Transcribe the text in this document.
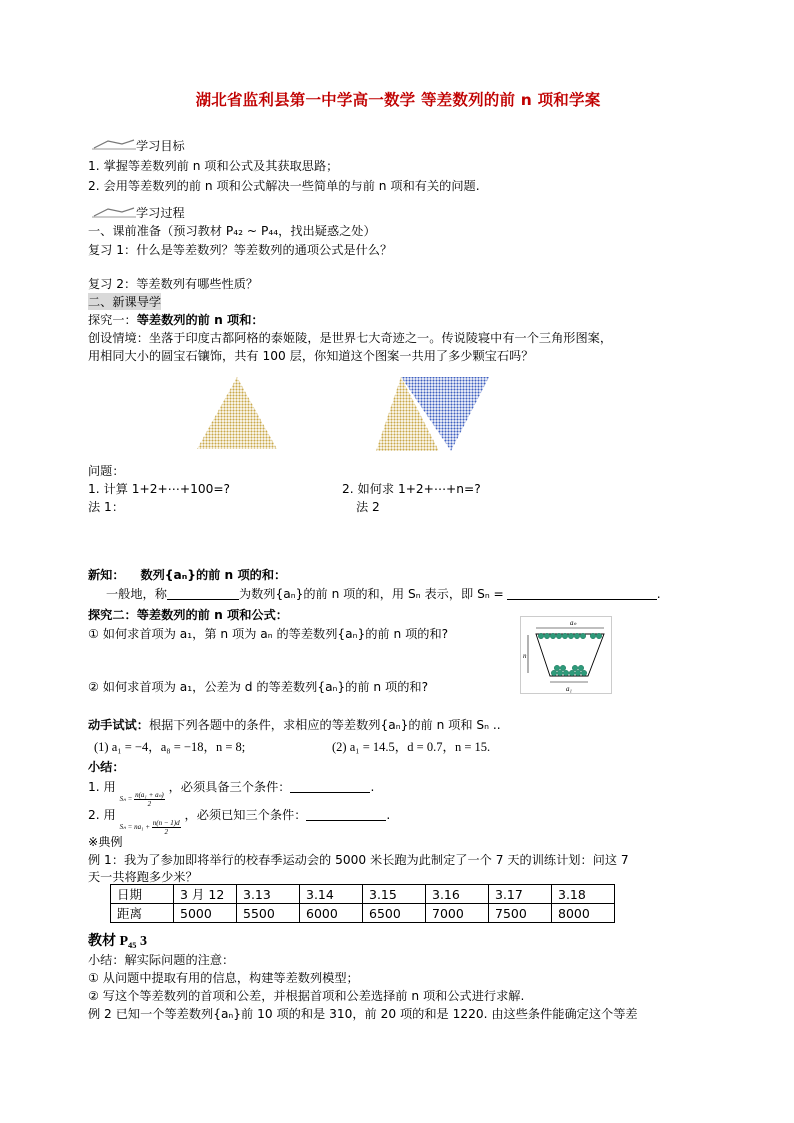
湖北省监利县第一中学高一数学 等差数列的前 n 项和学案
学习目标
1. 掌握等差数列前 n 项和公式及其获取思路；
2. 会用等差数列的前 n 项和公式解决一些简单的与前 n 项和有关的问题.
学习过程
一、课前准备（预习教材 P₄₂ ~ P₄₄，找出疑惑之处）
复习 1：什么是等差数列？等差数列的通项公式是什么？
复习 2：等差数列有哪些性质？
二、新课导学
探究一：等差数列的前 n 项和：
创设情境：坐落于印度古都阿格的泰姬陵，是世界七大奇迹之一。传说陵寝中有一个三角形图案，
用相同大小的圆宝石镶饰，共有 100 层，你知道这个图案一共用了多少颗宝石吗？
问题：
1. 计算 1+2+⋯+100=?	2. 如何求 1+2+⋯+n=?
法 1：	法 2
新知： 数列{aₙ}的前 n 项的和：
一般地，称	为数列{aₙ}的前 n 项的和，用 Sₙ 表示，即 Sₙ =	.
探究二：等差数列的前 n 项和公式：
① 如何求首项为 a₁，第 n 项为 aₙ 的等差数列{aₙ}的前 n 项的和?
② 如何求首项为 a₁，公差为 d 的等差数列{aₙ}的前 n 项的和?
aₙ
n
a₁
动手试试：根据下列各题中的条件，求相应的等差数列{aₙ}的前 n 项和 Sₙ ..
(1) a₁ = −4，a₈ = −18，n = 8;	(2) a₁ = 14.5，d = 0.7，n = 15.
小结：
1. 用 $S_n = \frac{\text{n(a₁ + aₙ)}}{2}$
，必须具备三个条件：	.
2. 用 $S_n = na_1 + \frac{n(n - 1)d}{2}$
，必须已知三个条件：	.
※典例
例 1：我为了参加即将举行的校春季运动会的 5000 米长跑为此制定了一个 7 天的训练计划：问这 7
天一共将跑多少米？
日期	3 月 12	3.13	3.14	3.15	3.16	3.17	3.18
距离	5000	5500	6000	6500	7000	7500	8000
教材 P₄₅ 3
小结：解实际问题的注意：
① 从问题中提取有用的信息，构建等差数列模型；
② 写这个等差数列的首项和公差，并根据首项和公差选择前 n 项和公式进行求解.
例 2 已知一个等差数列{aₙ}前 10 项的和是 310，前 20 项的和是 1220. 由这些条件能确定这个等差
